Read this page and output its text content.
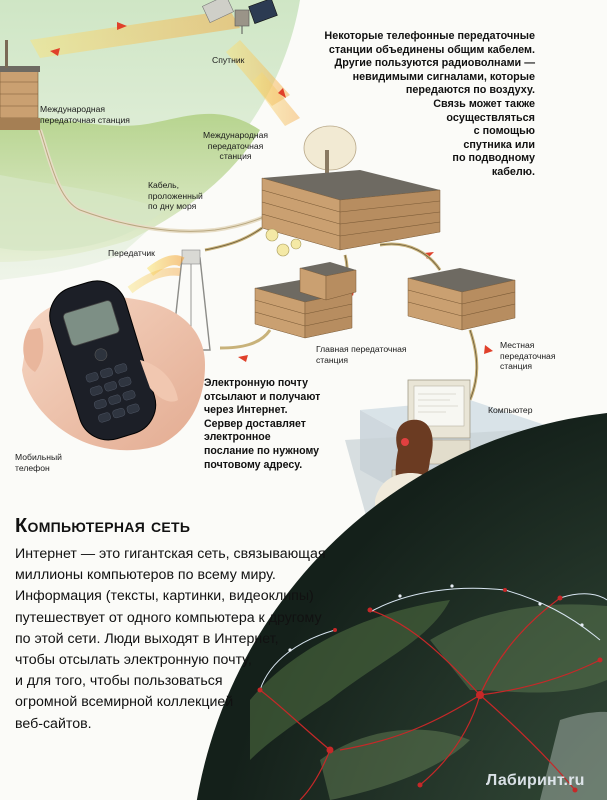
Спутник
Международная
передаточная станция
Международная
передаточная
станция
Кабель,
проложенный
по дну моря
Передатчик
Мобильный
телефон
Главная передаточная
станция
Местная
передаточная
станция
Компьютер
Некоторые телефонные передаточные
станции объединены общим кабелем.
Другие пользуются радиоволнами —
невидимыми сигналами, которые
передаются по воздуху.
Связь может также
осуществляться
с помощью
спутника или
по подводному
кабелю.
Электронную почту
отсылают и получают
через Интернет.
Сервер доставляет
электронное
послание по нужному
почтовому адресу.
Компьютерная сеть
Интернет — это гигантская сеть, связывающая
миллионы компьютеров по всему миру.
Информация (тексты, картинки, видеоклипы)
путешествует от одного компьютера к другому
по этой сети. Люди выходят в Интернет,
чтобы отсылать электронную почту,
и для того, чтобы пользоваться
огромной всемирной коллекцией
веб-сайтов.
Лабиринт.ru
